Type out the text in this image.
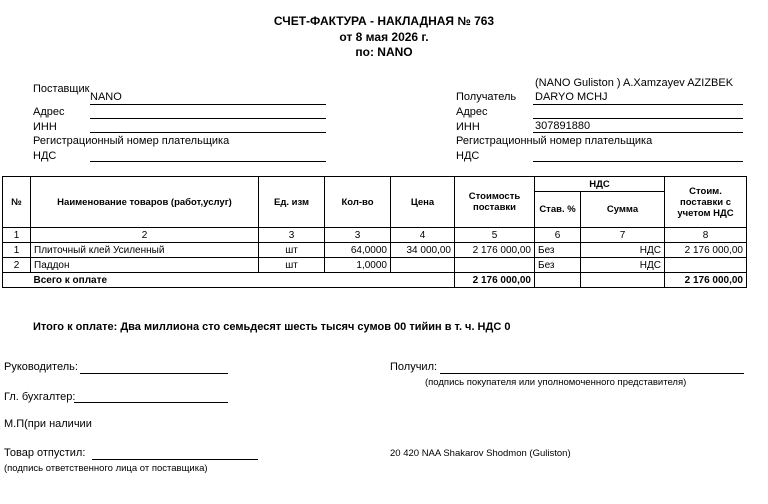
СЧЕТ-ФАКТУРА - НАКЛАДНАЯ № 763
от 8 мая 2026 г.
по: NANO
Поставщик
NANO
Адрес
ИНН
Регистрационный номер плательщика
НДС
(NANO Guliston ) A.Xamzayev AZIZBEK
Получатель DARYO MCHJ
Адрес
ИНН	307891880
Регистрационный номер плательщика
НДС
№	Наименование товаров (работ,услуг)	Ед. изм	Кол-во	Цена	Стоимость поставки	НДС		Стоим. поставки с учетом НДС
						Став. %	Сумма	
1	2	3	3	4	5	6	7	8
1	Плиточный клей Усиленный	шт	64,0000	34 000,00	2 176 000,00	Без	НДС	2 176 000,00
2	Паддон	шт	1,0000			Без	НДС	
	Всего к оплате				2 176 000,00			2 176 000,00
Итого к оплате: Два миллиона сто семьдесят шесть тысяч сумов 00 тийин в т. ч. НДС 0
Руководитель:	Получил:
(подпись покупателя или уполномоченного представителя)
Гл. бухгалтер:
М.П(при наличии
Товар отпустил:
(подпись ответственного лица от поставщика)
20 420 NAA Shakarov Shodmon (Guliston)
